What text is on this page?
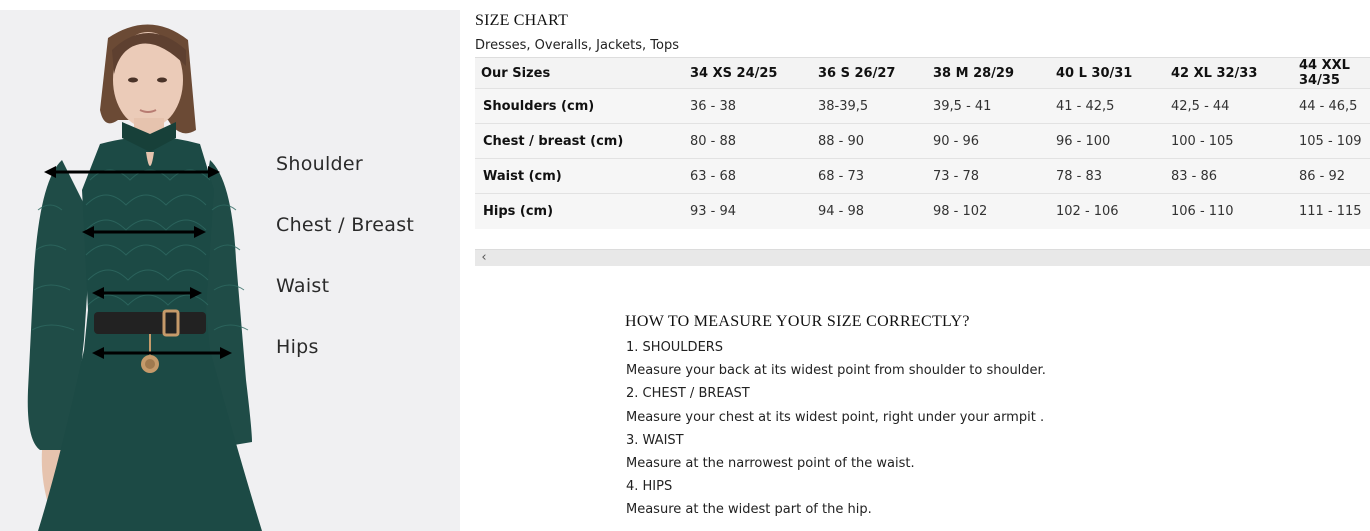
Shoulder
Chest / Breast
Waist
Hips
SIZE CHART
Dresses, Overalls, Jackets, Tops
Our Sizes	34 XS 24/25	36 S 26/27	38 M 28/29	40 L 30/31	42 XL 32/33	44 XXL 34/35
Shoulders (cm)	36 - 38	38-39,5	39,5 - 41	41 - 42,5	42,5 - 44	44 - 46,5
Chest / breast (cm)	80 - 88	88 - 90	90 - 96	96 - 100	100 - 105	105 - 109
Waist (cm)	63 - 68	68 - 73	73 - 78	78 - 83	83 - 86	86 - 92
Hips (cm)	93 - 94	94 - 98	98 - 102	102 - 106	106 - 110	111 - 115
‹
HOW TO MEASURE YOUR SIZE CORRECTLY?
1. SHOULDERS
Measure your back at its widest point from shoulder to shoulder.
2. CHEST / BREAST
Measure your chest at its widest point, right under your armpit .
3. WAIST
Measure at the narrowest point of the waist.
4. HIPS
Measure at the widest part of the hip.
